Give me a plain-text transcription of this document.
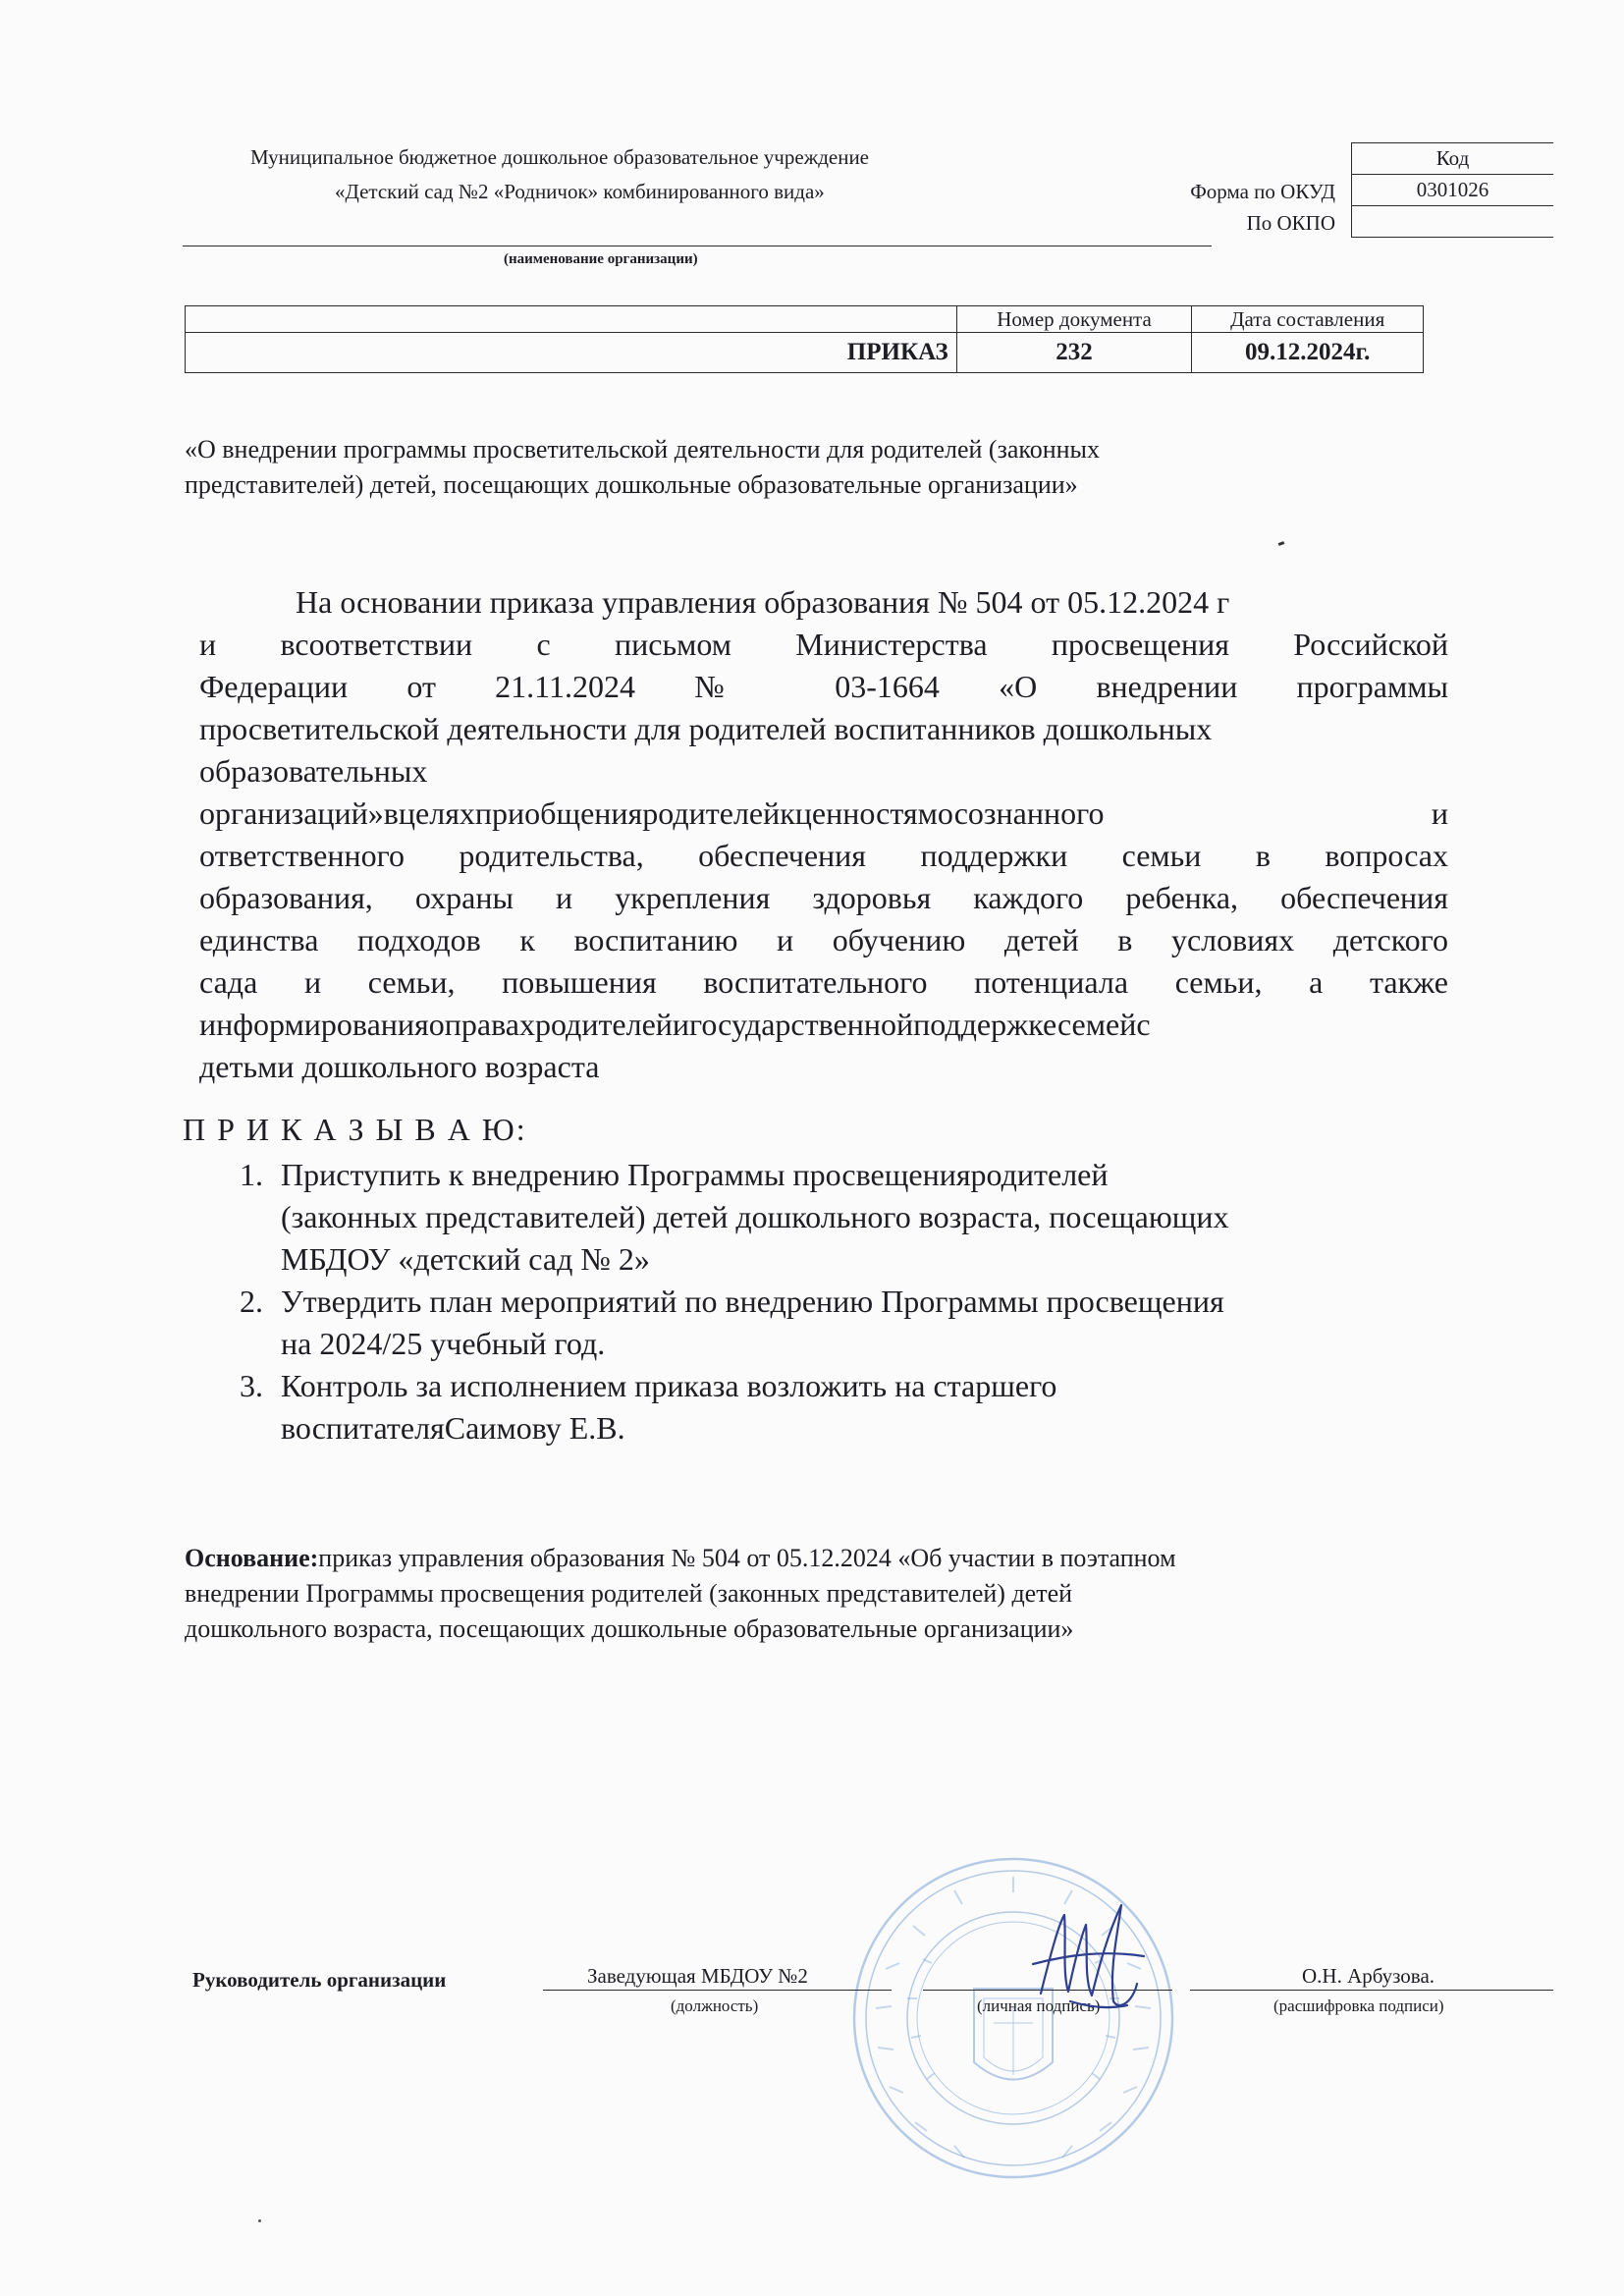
Муниципальное бюджетное дошкольное образовательное учреждение
«Детский сад №2 «Родничок» комбинированного вида»	Форма по ОКУД
По ОКПО
Код
0301026

(наименование организации)
	Номер документа	Дата составления
ПРИКАЗ	232	09.12.2024г.
«О внедрении программы просветительской деятельности для родителей (законных
представителей) детей, посещающих дошкольные образовательные организации»
На основании приказа управления образования № 504 от 05.12.2024 г
и всоответствии с письмом Министерства просвещения Российской
Федерации от 21.11.2024 № 03-1664 «О внедрении программы
просветительской деятельности для родителей воспитанников дошкольных
образовательных
организаций»вцеляхприобщенияродителейкценностямосознанного	и
ответственного родительства, обеспечения поддержки семьи в вопросах
образования, охраны и укрепления здоровья каждого ребенка, обеспечения
единства подходов к воспитанию и обучению детей в условиях детского
сада и семьи, повышения воспитательного потенциала семьи, а также
информированияоправахродителейигосударственнойподдержкесемейс
детьми дошкольного возраста
П Р И К А З Ы В А Ю:
1. Приступить к внедрению Программы просвещенияродителей
(законных представителей) детей дошкольного возраста, посещающих
МБДОУ «детский сад № 2»
2. Утвердить план мероприятий по внедрению Программы просвещения
на 2024/25 учебный год.
3. Контроль за исполнением приказа возложить на старшего
воспитателяСаимову Е.В.
Основание:приказ управления образования № 504 от 05.12.2024 «Об участии в поэтапном
внедрении Программы просвещения родителей (законных представителей) детей
дошкольного возраста, посещающих дошкольные образовательные организации»
Руководитель организации	Заведующая МБДОУ №2
(должность)	(личная подпись)
О.Н. Арбузова.
(расшифровка подписи)
